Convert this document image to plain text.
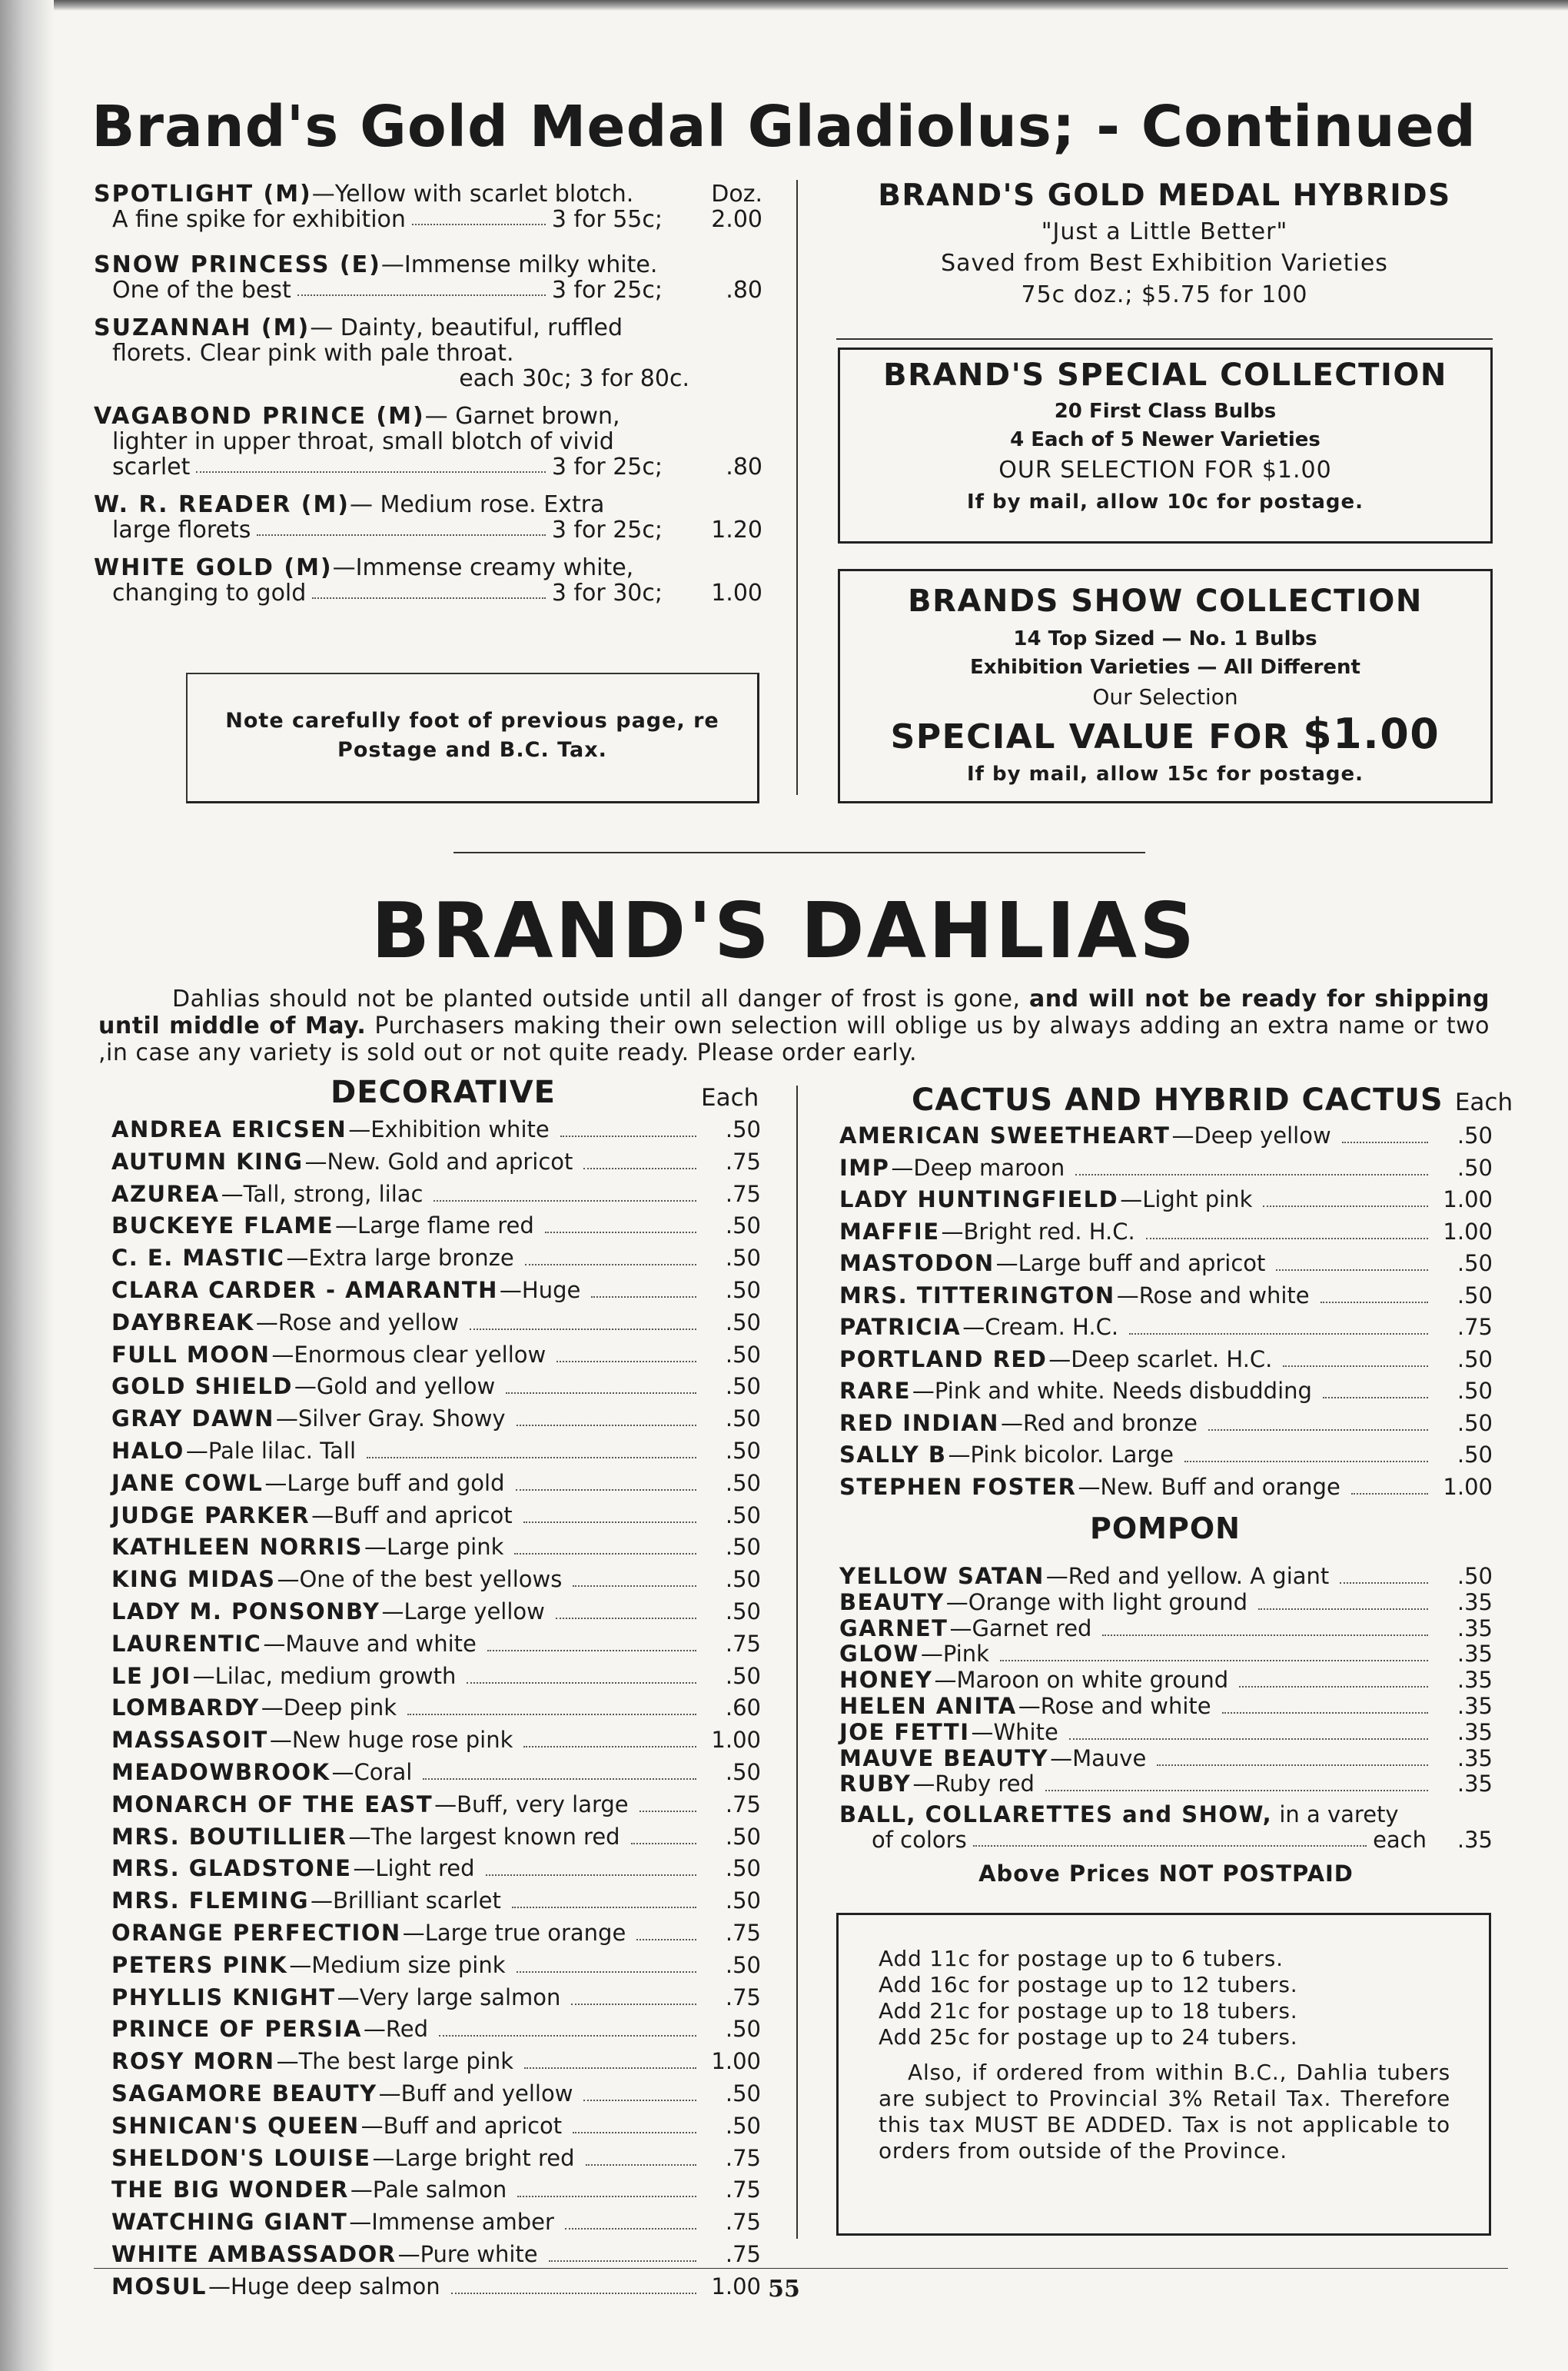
Brand's Gold Medal Gladiolus; - Continued
SPOTLIGHT (M)—Yellow with scarlet blotch.	Doz.
A fine spike for exhibition	3 for 55c;	2.00
SNOW PRINCESS (E)—Immense milky white.
One of the best	3 for 25c;	.80
SUZANNAH (M)— Dainty, beautiful, ruffled
florets. Clear pink with pale throat.
each 30c; 3 for 80c.
VAGABOND PRINCE (M)— Garnet brown,
lighter in upper throat, small blotch of vivid
scarlet	3 for 25c;	.80
W. R. READER (M)— Medium rose. Extra
large florets	3 for 25c;	1.20
WHITE GOLD (M)—Immense creamy white,
changing to gold	3 for 30c;	1.00
Note carefully foot of previous page, re Postage and B.C. Tax.
BRAND'S GOLD MEDAL HYBRIDS
"Just a Little Better"
Saved from Best Exhibition Varieties
75c doz.; $5.75 for 100
BRAND'S SPECIAL COLLECTION
20 First Class Bulbs
4 Each of 5 Newer Varieties
OUR SELECTION FOR $1.00
If by mail, allow 10c for postage.
BRANDS SHOW COLLECTION
14 Top Sized — No. 1 Bulbs
Exhibition Varieties — All Different
Our Selection
SPECIAL VALUE FOR $1.00
If by mail, allow 15c for postage.
BRAND'S DAHLIAS
Dahlias should not be planted outside until all danger of frost is gone, and will not be ready for shipping until middle of May. Purchasers making their own selection will oblige us by always adding an extra name or two ,in case any variety is sold out or not quite ready. Please order early.
DECORATIVE	Each
ANDREA ERICSEN —Exhibition white	.50
AUTUMN KING —New. Gold and apricot	.75
AZUREA —Tall, strong, lilac	.75
BUCKEYE FLAME —Large flame red	.50
C. E. MASTIC —Extra large bronze	.50
CLARA CARDER - AMARANTH —Huge	.50
DAYBREAK —Rose and yellow	.50
FULL MOON —Enormous clear yellow	.50
GOLD SHIELD —Gold and yellow	.50
GRAY DAWN —Silver Gray. Showy	.50
HALO —Pale lilac. Tall	.50
JANE COWL —Large buff and gold	.50
JUDGE PARKER —Buff and apricot	.50
KATHLEEN NORRIS —Large pink	.50
KING MIDAS —One of the best yellows	.50
LADY M. PONSONBY —Large yellow	.50
LAURENTIC —Mauve and white	.75
LE JOI —Lilac, medium growth	.50
LOMBARDY —Deep pink	.60
MASSASOIT —New huge rose pink	1.00
MEADOWBROOK —Coral	.50
MONARCH OF THE EAST —Buff, very large	.75
MRS. BOUTILLIER —The largest known red	.50
MRS. GLADSTONE —Light red	.50
MRS. FLEMING —Brilliant scarlet	.50
ORANGE PERFECTION —Large true orange	.75
PETERS PINK —Medium size pink	.50
PHYLLIS KNIGHT —Very large salmon	.75
PRINCE OF PERSIA —Red	.50
ROSY MORN —The best large pink	1.00
SAGAMORE BEAUTY —Buff and yellow	.50
SHNICAN'S QUEEN —Buff and apricot	.50
SHELDON'S LOUISE —Large bright red	.75
THE BIG WONDER —Pale salmon	.75
WATCHING GIANT —Immense amber	.75
WHITE AMBASSADOR —Pure white	.75
MOSUL —Huge deep salmon	1.00
CACTUS AND HYBRID CACTUS Each
AMERICAN SWEETHEART —Deep yellow	.50
IMP —Deep maroon	.50
LADY HUNTINGFIELD —Light pink	1.00
MAFFIE —Bright red. H.C.	1.00
MASTODON —Large buff and apricot	.50
MRS. TITTERINGTON —Rose and white	.50
PATRICIA —Cream. H.C.	.75
PORTLAND RED —Deep scarlet. H.C.	.50
RARE —Pink and white. Needs disbudding	.50
RED INDIAN —Red and bronze	.50
SALLY B —Pink bicolor. Large	.50
STEPHEN FOSTER —New. Buff and orange	1.00
POMPON
YELLOW SATAN —Red and yellow. A giant	.50
BEAUTY —Orange with light ground	.35
GARNET —Garnet red	.35
GLOW —Pink	.35
HONEY —Maroon on white ground	.35
HELEN ANITA —Rose and white	.35
JOE FETTI —White	.35
MAUVE BEAUTY —Mauve	.35
RUBY —Ruby red	.35
BALL, COLLARETTES and SHOW, in a varety
of colors	each	.35
Above Prices NOT POSTPAID
Add 11c for postage up to 6 tubers.
Add 16c for postage up to 12 tubers.
Add 21c for postage up to 18 tubers.
Add 25c for postage up to 24 tubers.
Also, if ordered from within B.C., Dahlia tubers are subject to Provincial 3% Retail Tax. Therefore this tax MUST BE ADDED. Tax is not applicable to orders from outside of the Province.
55
